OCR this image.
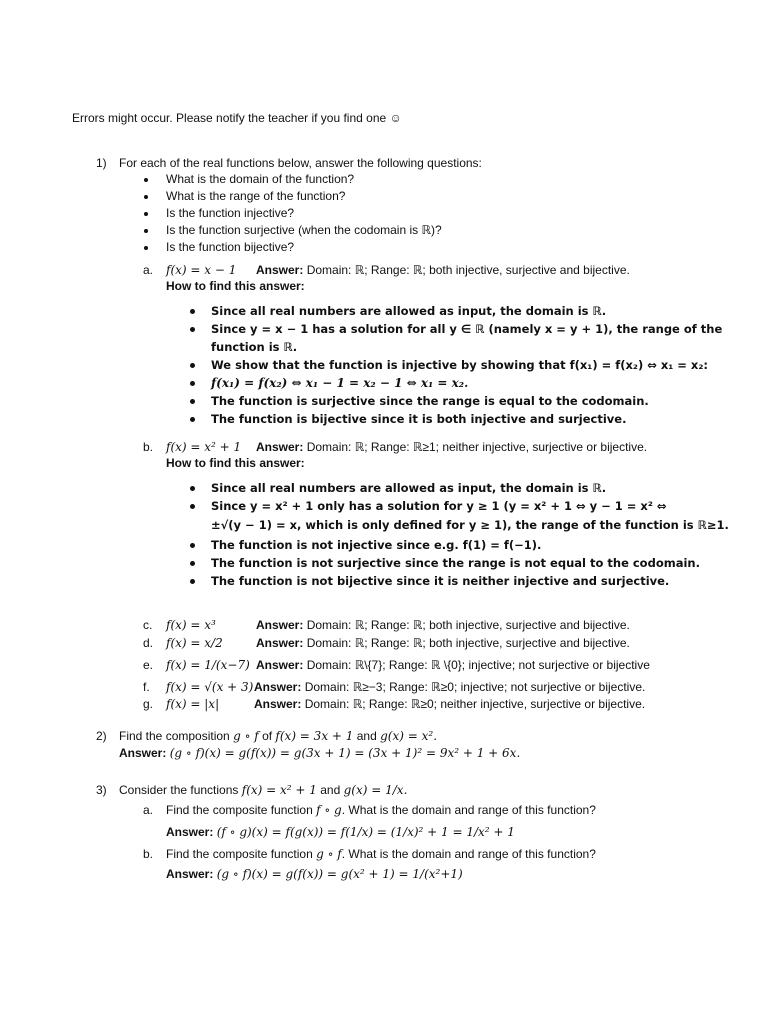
Errors might occur. Please notify the teacher if you find one ☺
1) For each of the real functions below, answer the following questions:
What is the domain of the function?
What is the range of the function?
Is the function injective?
Is the function surjective (when the codomain is ℝ)?
Is the function bijective?
a. f(x) = x − 1 Answer: Domain: ℝ; Range: ℝ; both injective, surjective and bijective.
How to find this answer:
Since all real numbers are allowed as input, the domain is ℝ.
Since y = x − 1 has a solution for all y ∈ ℝ (namely x = y + 1), the range of the
function is ℝ.
We show that the function is injective by showing that f(x₁) = f(x₂) ⇔ x₁ = x₂:
f(x₁) = f(x₂) ⇔ x₁ − 1 = x₂ − 1 ⇔ x₁ = x₂.
The function is surjective since the range is equal to the codomain.
The function is bijective since it is both injective and surjective.
b. f(x) = x² + 1 Answer: Domain: ℝ; Range: ℝ≥1; neither injective, surjective or bijective.
How to find this answer:
Since all real numbers are allowed as input, the domain is ℝ.
Since y = x² + 1 only has a solution for y ≥ 1 (y = x² + 1 ⇔ y − 1 = x² ⇔
±√(y − 1) = x, which is only defined for y ≥ 1), the range of the function is ℝ≥1.
The function is not injective since e.g. f(1) = f(−1).
The function is not surjective since the range is not equal to the codomain.
The function is not bijective since it is neither injective and surjective.
c. f(x) = x³	Answer: Domain: ℝ; Range: ℝ; both injective, surjective and bijective.
d. f(x) = x/2	Answer: Domain: ℝ; Range: ℝ; both injective, surjective and bijective.
e. f(x) = 1/(x−7) Answer: Domain: ℝ\{7}; Range: ℝ \{0}; injective; not surjective or bijective
f. f(x) = √(x + 3) Answer: Domain: ℝ≥−3; Range: ℝ≥0; injective; not surjective or bijective.
g. f(x) = |x|	Answer: Domain: ℝ; Range: ℝ≥0; neither injective, surjective or bijective.
2) Find the composition g ∘ f of f(x) = 3x + 1 and g(x) = x².
Answer: (g ∘ f)(x) = g(f(x)) = g(3x + 1) = (3x + 1)² = 9x² + 1 + 6x.
3) Consider the functions f(x) = x² + 1 and g(x) = 1/x.
a. Find the composite function f ∘ g. What is the domain and range of this function?
Answer: (f ∘ g)(x) = f(g(x)) = f(1/x) = (1/x)² + 1 = 1/x² + 1
b. Find the composite function g ∘ f. What is the domain and range of this function?
Answer: (g ∘ f)(x) = g(f(x)) = g(x² + 1) = 1/(x²+1)
